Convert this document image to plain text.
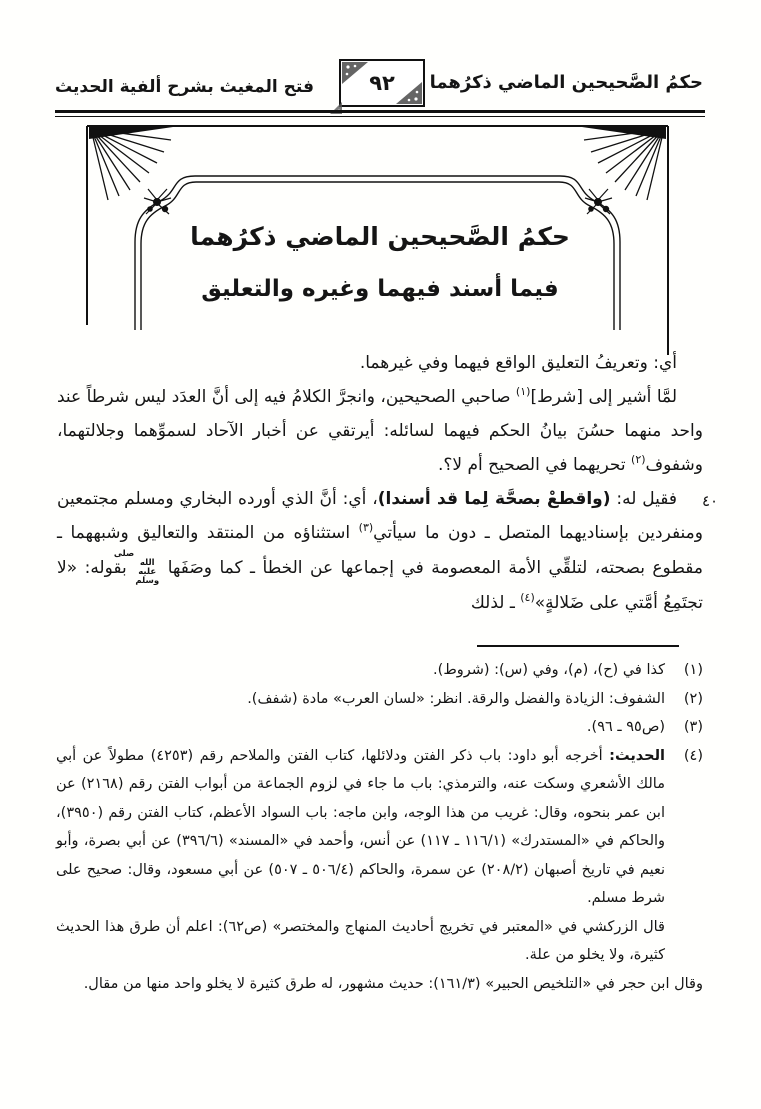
حكمُ الصَّحيحين الماضي ذكرُهما
فتح المغيث بشرح ألفية الحديث	٩٢
حكمُ الصَّحيحين الماضي ذكرُهما
فيما أسند فيهما وغيره والتعليق
٤٠

أي: وتعريفُ التعليق الواقع فيهما وفي غيرهما.

لمَّا أشير إلى [شرط]$^{(١)}$ صاحبي الصحيحين، وانجرَّ الكلامُ فيه إلى أنَّ العدَد ليس شرطاً عند واحد منهما حسُنَ بيانُ الحكم فيهما لسائله: أيرتقي عن أخبار الآحاد لسموِّهما وجلالتهما، وشفوف$^{(٢)}$ تحريهما في الصحيح أم لا؟.

فقيل له: (واقطعْ بصحَّة لِما قد أسندا)، أي: أنَّ الذي أورده البخاري ومسلم مجتمعين ومنفردين بإسناديهما المتصل ـ دون ما سيأتي$^{(٣)}$ استثناؤه من المنتقد والتعاليق وشبههما ـ مقطوع بصحته، لتلقِّي الأمة المعصومة في إجماعها عن الخطأ ـ كما وصَفَها صلى الله عليه وسلم بقوله: «لا تجتَمِعُ أمَّتي على ضَلالةٍ»$^{(٤)}$ ـ لذلك

(١)
كذا في (ح)، (م)، وفي (س): (شروط).
(٢)
الشفوف: الزيادة والفضل والرقة. انظر: «لسان العرب» مادة (شفف).
(٣)
(ص٩٥ ـ ٩٦).
(٤)

الحديث: أخرجه أبو داود: باب ذكر الفتن ودلائلها، كتاب الفتن والملاحم رقم (٤٢٥٣) مطولاً عن أبي مالك الأشعري وسكت عنه، والترمذي: باب ما جاء في لزوم الجماعة من أبواب الفتن رقم (٢١٦٨) عن ابن عمر بنحوه، وقال: غريب من هذا الوجه، وابن ماجه: باب السواد الأعظم، كتاب الفتن رقم (٣٩٥٠)، والحاكم في «المستدرك» (١١٦/١ ـ ١١٧) عن أنس، وأحمد في «المسند» (٣٩٦/٦) عن أبي بصرة، وأبو نعيم في تاريخ أصبهان (٢٠٨/٢) عن سمرة، والحاكم (٥٠٦/٤ ـ ٥٠٧) عن أبي مسعود، وقال: صحيح على شرط مسلم.

قال الزركشي في «المعتبر في تخريج أحاديث المنهاج والمختصر» (ص٦٢): اعلم أن طرق هذا الحديث كثيرة، ولا يخلو من علة.

وقال ابن حجر في «التلخيص الحبير» (١٦١/٣): حديث مشهور، له طرق كثيرة لا يخلو واحد منها من مقال.
